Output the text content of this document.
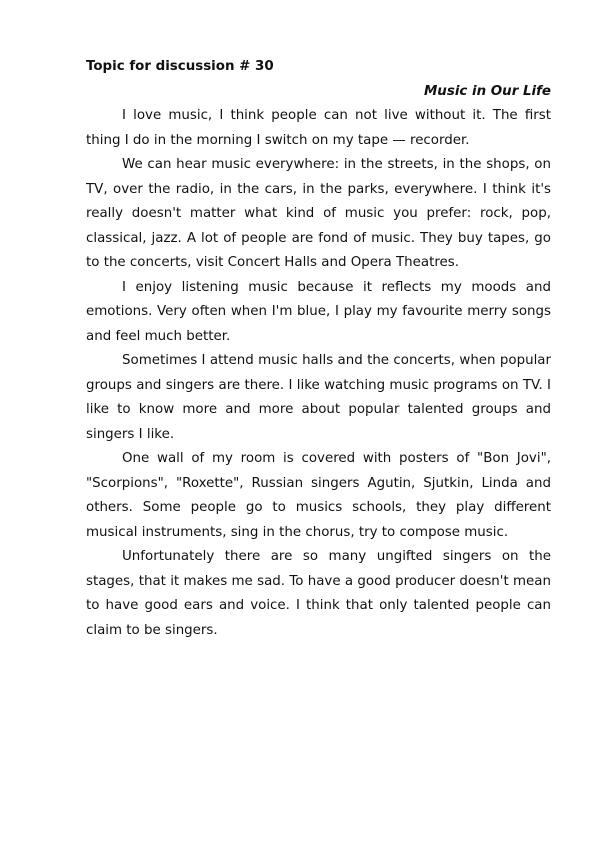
Topic for discussion # 30

Music in Our Life

I love music, I think people can not live without it. The first thing I do in the morning I switch on my tape — recorder.

We can hear music everywhere: in the streets, in the shops, on TV, over the radio, in the cars, in the parks, everywhere. I think it's really doesn't matter what kind of music you prefer: rock, pop, classical, jazz. A lot of people are fond of music. They buy tapes, go to the concerts, visit Concert Halls and Opera Theatres.

I enjoy listening music because it reflects my moods and emotions. Very often when I'm blue, I play my favourite merry songs and feel much better.

Sometimes I attend music halls and the concerts, when popular groups and singers are there. I like watching music programs on TV. I like to know more and more about popular talented groups and singers I like.

One wall of my room is covered with posters of "Bon Jovi", "Scorpions", "Roxette", Russian singers Agutin, Sjutkin, Linda and others. Some people go to musics schools, they play different musical instruments, sing in the chorus, try to compose music.

Unfortunately there are so many ungifted singers on the stages, that it makes me sad. To have a good producer doesn't mean to have good ears and voice. I think that only talented people can claim to be singers.
